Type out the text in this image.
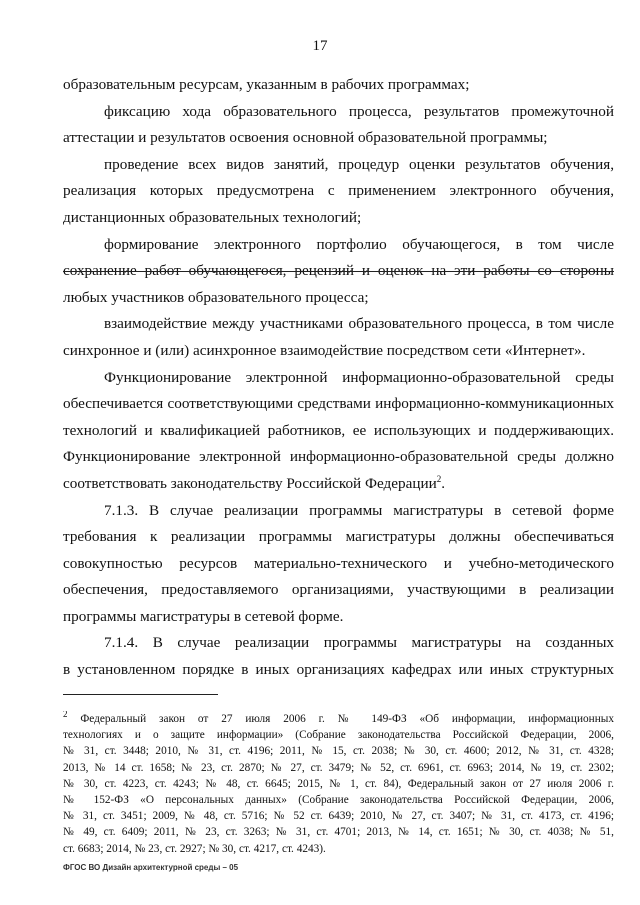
17
образовательным ресурсам, указанным в рабочих программах;
фиксацию хода образовательного процесса, результатов промежуточной
аттестации и результатов освоения основной образовательной программы;
проведение всех видов занятий, процедур оценки результатов обучения,
реализация которых предусмотрена с применением электронного обучения,
дистанционных образовательных технологий;
формирование электронного портфолио обучающегося, в том числе
сохранение работ обучающегося, рецензий и оценок на эти работы со стороны
любых участников образовательного процесса;
взаимодействие между участниками образовательного процесса, в том числе
синхронное и (или) асинхронное взаимодействие посредством сети «Интернет».
Функционирование электронной информационно-образовательной среды
обеспечивается соответствующими средствами информационно-коммуникационных
технологий и квалификацией работников, ее использующих и поддерживающих.
Функционирование электронной информационно-образовательной среды должно
соответствовать законодательству Российской Федерации$^2$.
7.1.3. В случае реализации программы магистратуры в сетевой форме
требования к реализации программы магистратуры должны обеспечиваться
совокупностью ресурсов материально-технического и учебно-методического
обеспечения, предоставляемого организациями, участвующими в реализации
программы магистратуры в сетевой форме.
7.1.4. В случае реализации программы магистратуры на созданных
в установленном порядке в иных организациях кафедрах или иных структурных
$^2$ Федеральный закон от 27 июля 2006 г. № 149-ФЗ «Об информации, информационных
технологиях и о защите информации» (Собрание законодательства Российской Федерации, 2006,
№ 31, ст. 3448; 2010, № 31, ст. 4196; 2011, № 15, ст. 2038; № 30, ст. 4600; 2012, № 31, ст. 4328;
2013, № 14 ст. 1658; № 23, ст. 2870; № 27, ст. 3479; № 52, ст. 6961, ст. 6963; 2014, № 19, ст. 2302;
№ 30, ст. 4223, ст. 4243; № 48, ст. 6645; 2015, № 1, ст. 84), Федеральный закон от 27 июля 2006 г.
№ 152-ФЗ «О персональных данных» (Собрание законодательства Российской Федерации, 2006,
№ 31, ст. 3451; 2009, № 48, ст. 5716; № 52 ст. 6439; 2010, № 27, ст. 3407; № 31, ст. 4173, ст. 4196;
№ 49, ст. 6409; 2011, № 23, ст. 3263; № 31, ст. 4701; 2013, № 14, ст. 1651; № 30, ст. 4038; № 51,
ст. 6683; 2014, № 23, ст. 2927; № 30, ст. 4217, ст. 4243).
ФГОС ВО Дизайн архитектурной среды – 05
